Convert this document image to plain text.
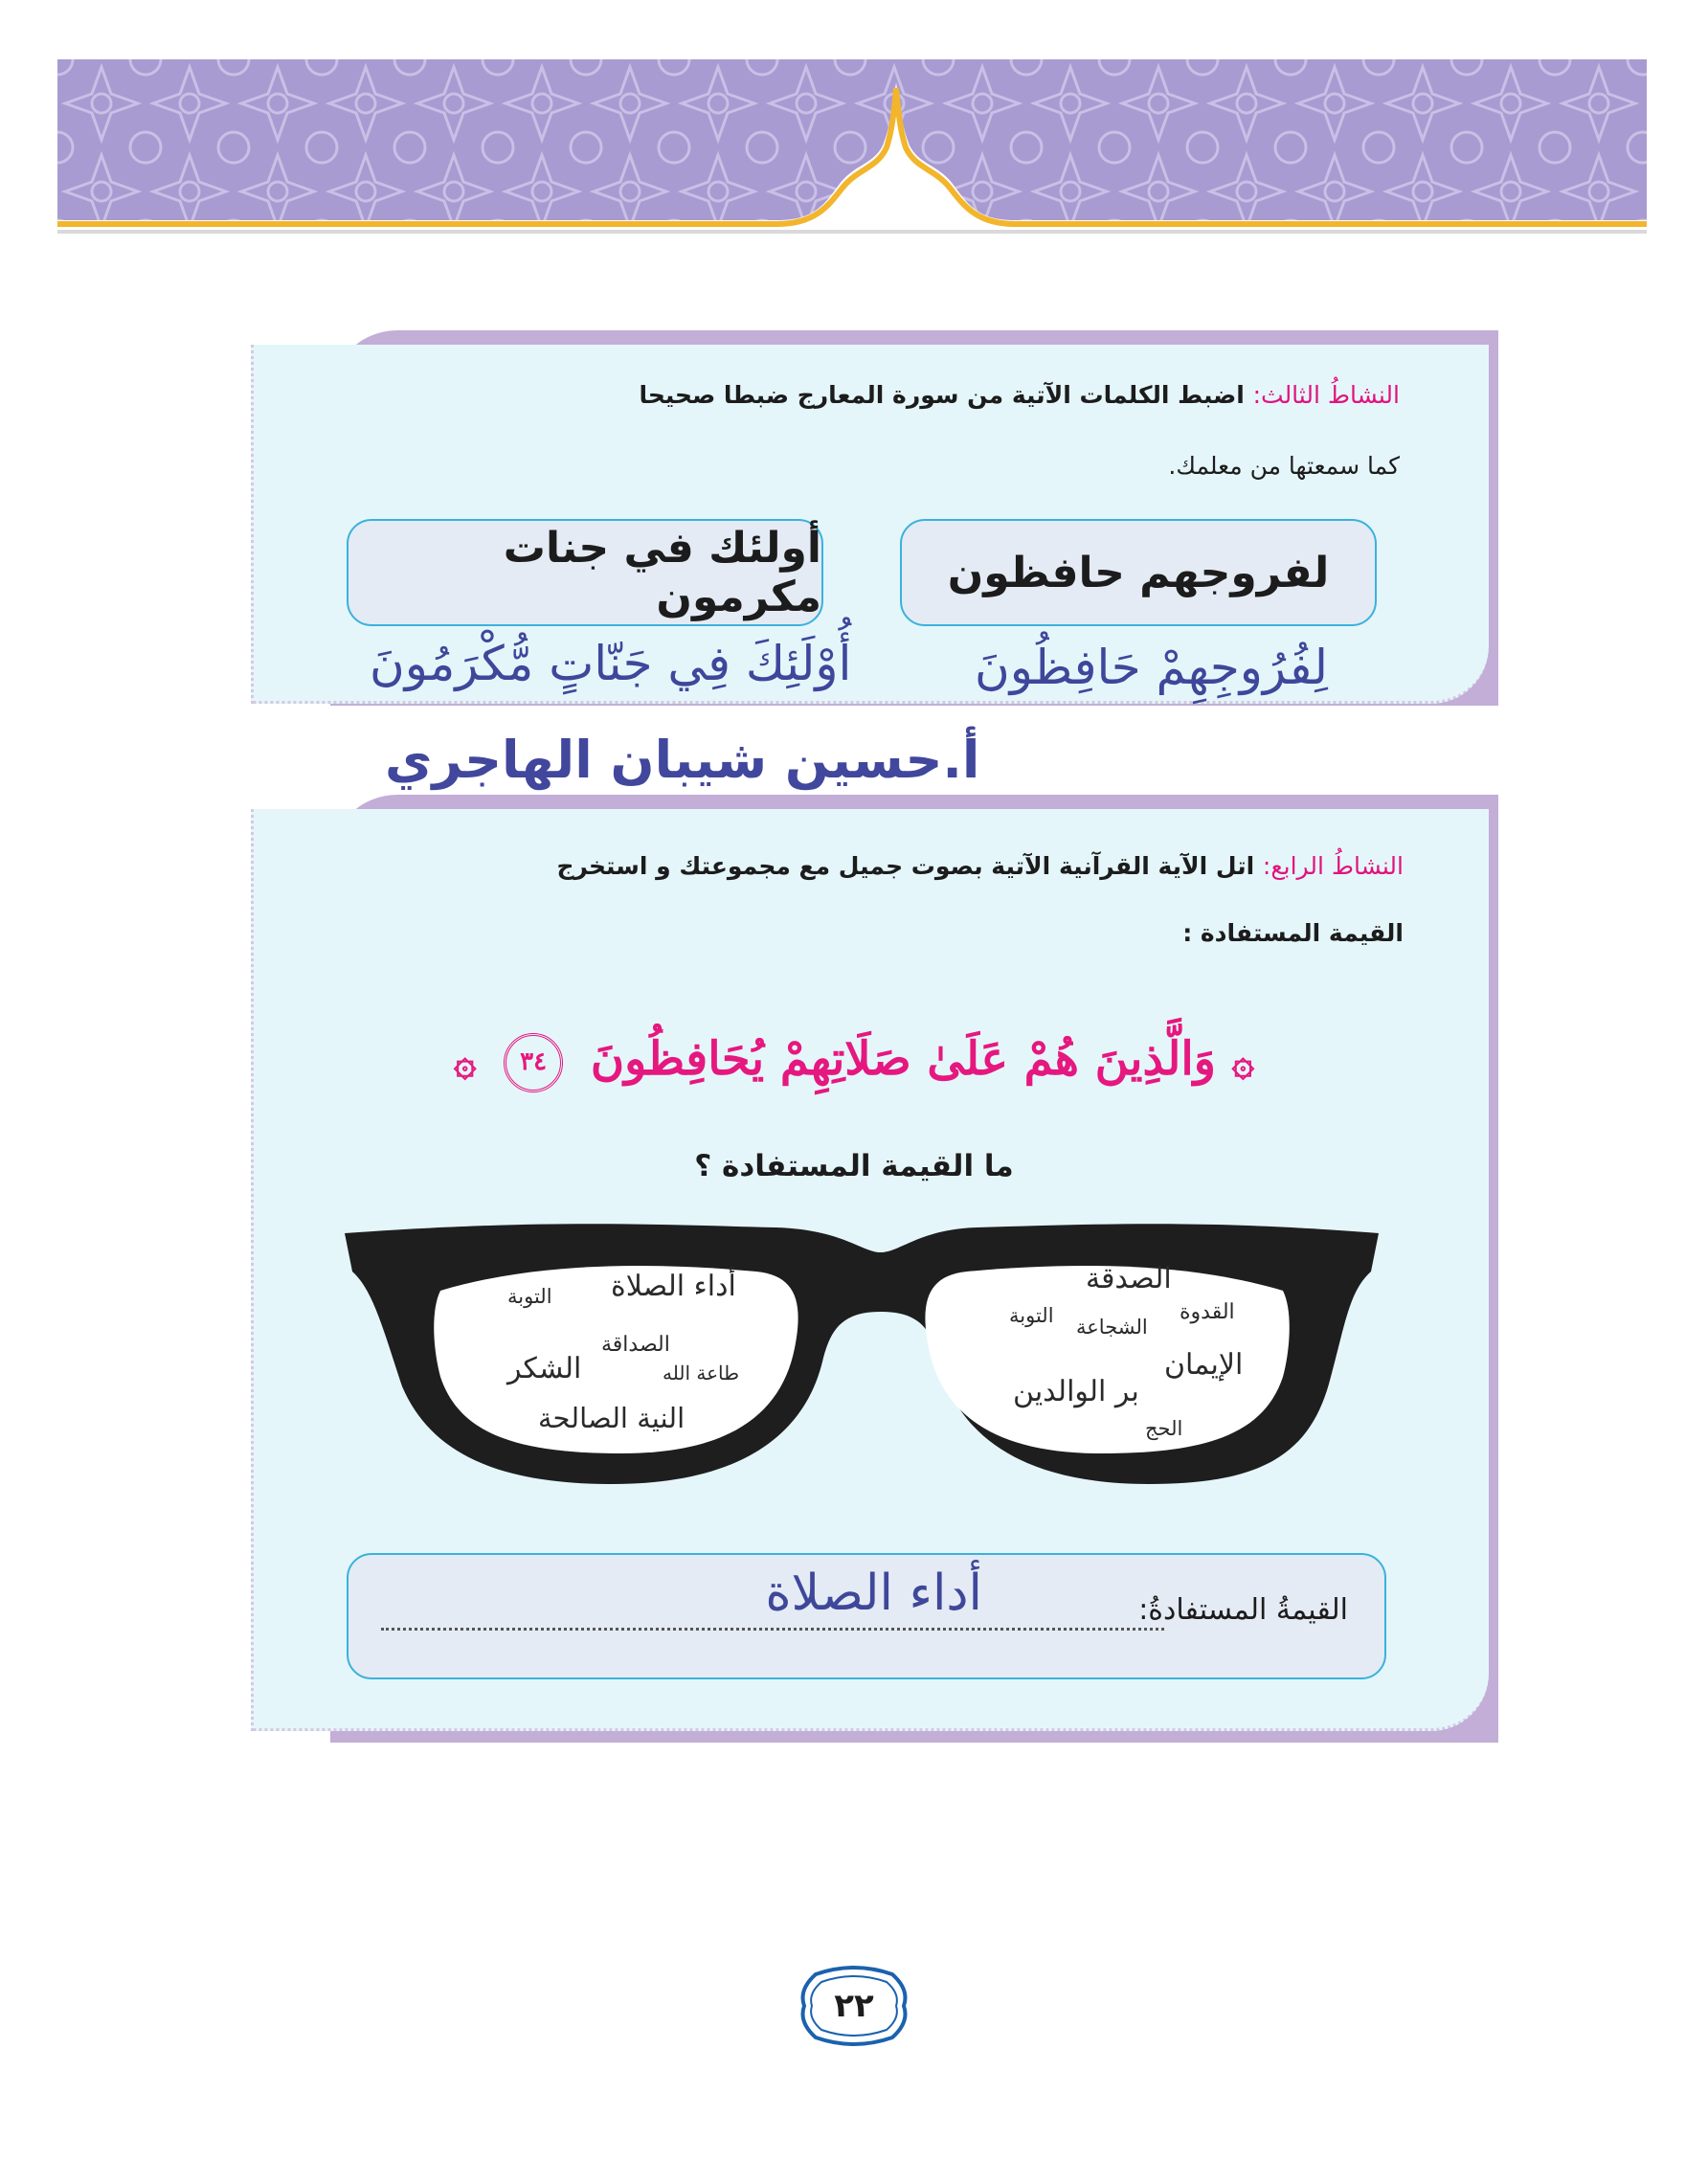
النشاطُ الثالث: اضبط الكلمات الآتية من سورة المعارج ضبطا صحيحا
كما سمعتها من معلمك.
لفروجهم حافظون
أولئك في جنات مكرمون
لِفُرُوجِهِمْ حَافِظُونَ
أُوْلَئِكَ فِي جَنّاتٍ مُّكْرَمُونَ
أ.حسين شيبان الهاجري
النشاطُ الرابع: اتل الآية القرآنية الآتية بصوت جميل مع مجموعتك و استخرج
القيمة المستفادة :
۞ وَالَّذِينَ هُمْ عَلَىٰ صَلَاتِهِمْ يُحَافِظُونَ ٣٤ ۞
ما القيمة المستفادة ؟
أداء الصلاة
التوبة
الصداقة
الشكر	طاعة الله
النية الصالحة
الصدقة
القدوة
التوبة الشجاعة
الإيمان
بر الوالدين
الحج
القيمةُ المستفادةُ:
أداء الصلاة
٢٢
